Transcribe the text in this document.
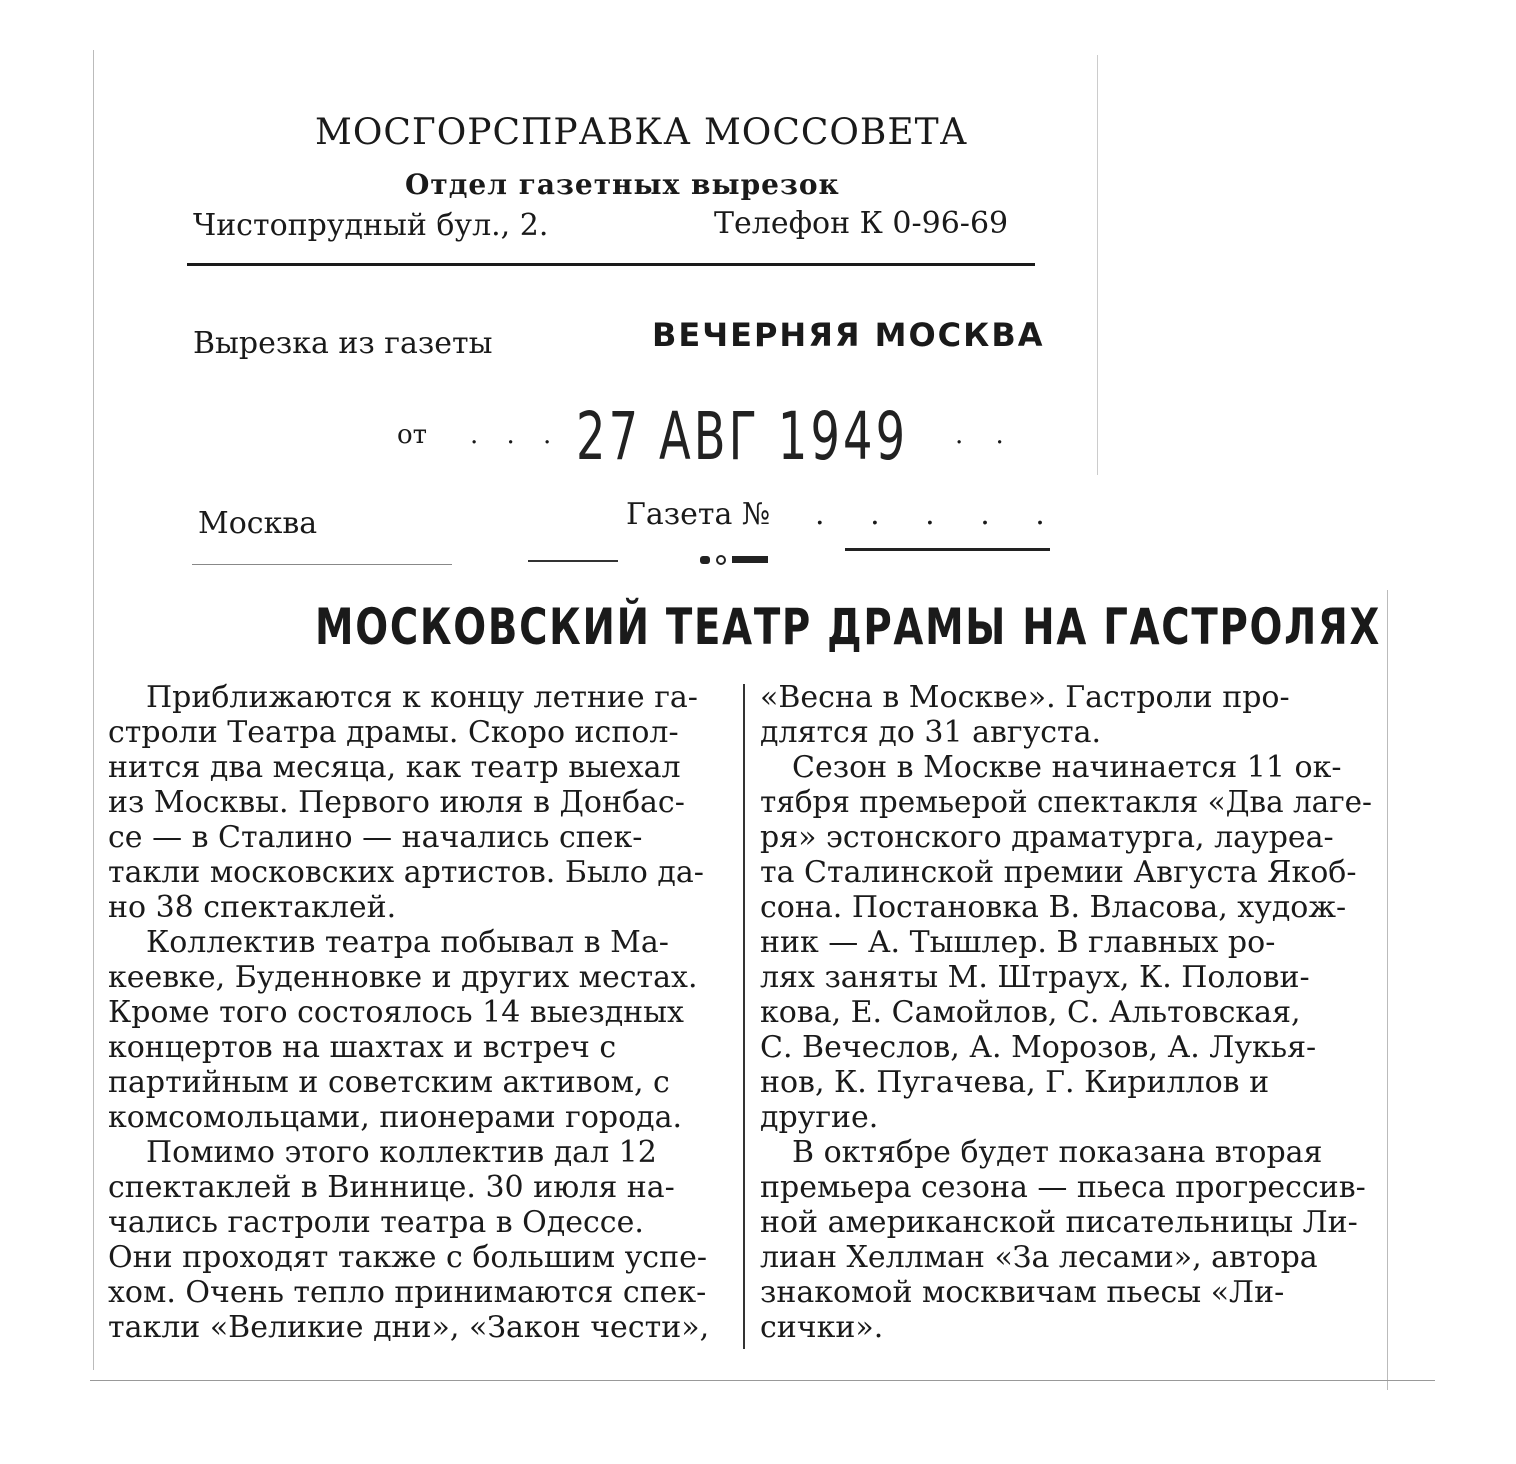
МОСГОРСПРАВКА МОССОВЕТА
Отдел газетных вырезок
Чистопрудный бул., 2.	Телефон К 0-96-69
Вырезка из газеты	ВЕЧЕРНЯЯ МОСКВА
от . . . 27 АВГ 1949 . .
Москва	Газета № . . . . .
МОСКОВСКИЙ ТЕАТР ДРАМЫ НА ГАСТРОЛЯХ
Приближаются к концу летние га-
строли Театра драмы. Скоро испол-
нится два месяца, как театр выехал
из Москвы. Первого июля в Донбас-
се — в Сталино — начались спек-
такли московских артистов. Было да-
но 38 спектаклей.
Коллектив театра побывал в Ма-
кеевке, Буденновке и других местах.
Кроме того состоялось 14 выездных
концертов на шахтах и встреч с
партийным и советским активом, с
комсомольцами, пионерами города.
Помимо этого коллектив дал 12
спектаклей в Виннице. 30 июля на-
чались гастроли театра в Одессе.
Они проходят также с большим успе-
хом. Очень тепло принимаются спек-
такли «Великие дни», «Закон чести»,
«Весна в Москве». Гастроли про-
длятся до 31 августа.
Сезон в Москве начинается 11 ок-
тября премьерой спектакля «Два лаге-
ря» эстонского драматурга, лауреа-
та Сталинской премии Августа Якоб-
сона. Постановка В. Власова, худож-
ник — А. Тышлер. В главных ро-
лях заняты М. Штраух, К. Полови-
кова, Е. Самойлов, С. Альтовская,
С. Вечеслов, А. Морозов, А. Лукья-
нов, К. Пугачева, Г. Кириллов и
другие.
В октябре будет показана вторая
премьера сезона — пьеса прогрессив-
ной американской писательницы Ли-
лиан Хеллман «За лесами», автора
знакомой москвичам пьесы «Ли-
сички».
